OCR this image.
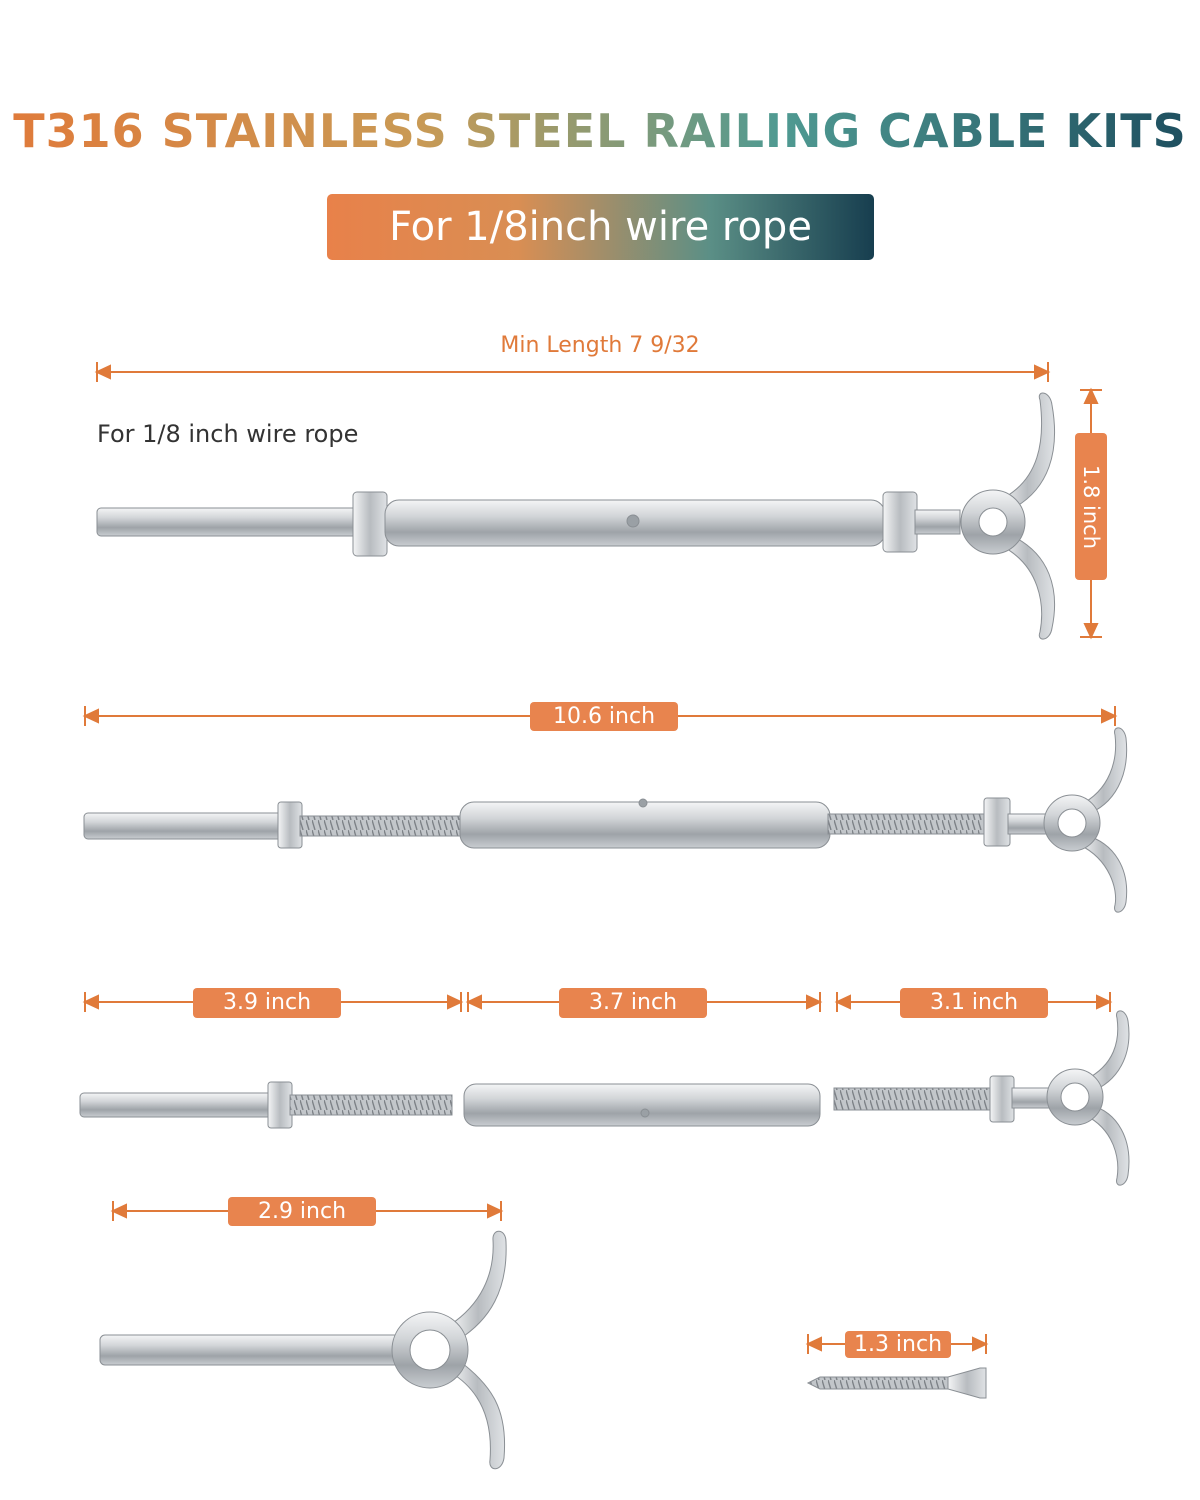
T316 STAINLESS STEEL RAILING CABLE KITS
For 1/8inch wire rope
Min Length 7 9/32
For 1/8 inch wire rope
1.8 inch
10.6 inch
3.9 inch	3.7 inch	3.1 inch
2.9 inch
1.3 inch
